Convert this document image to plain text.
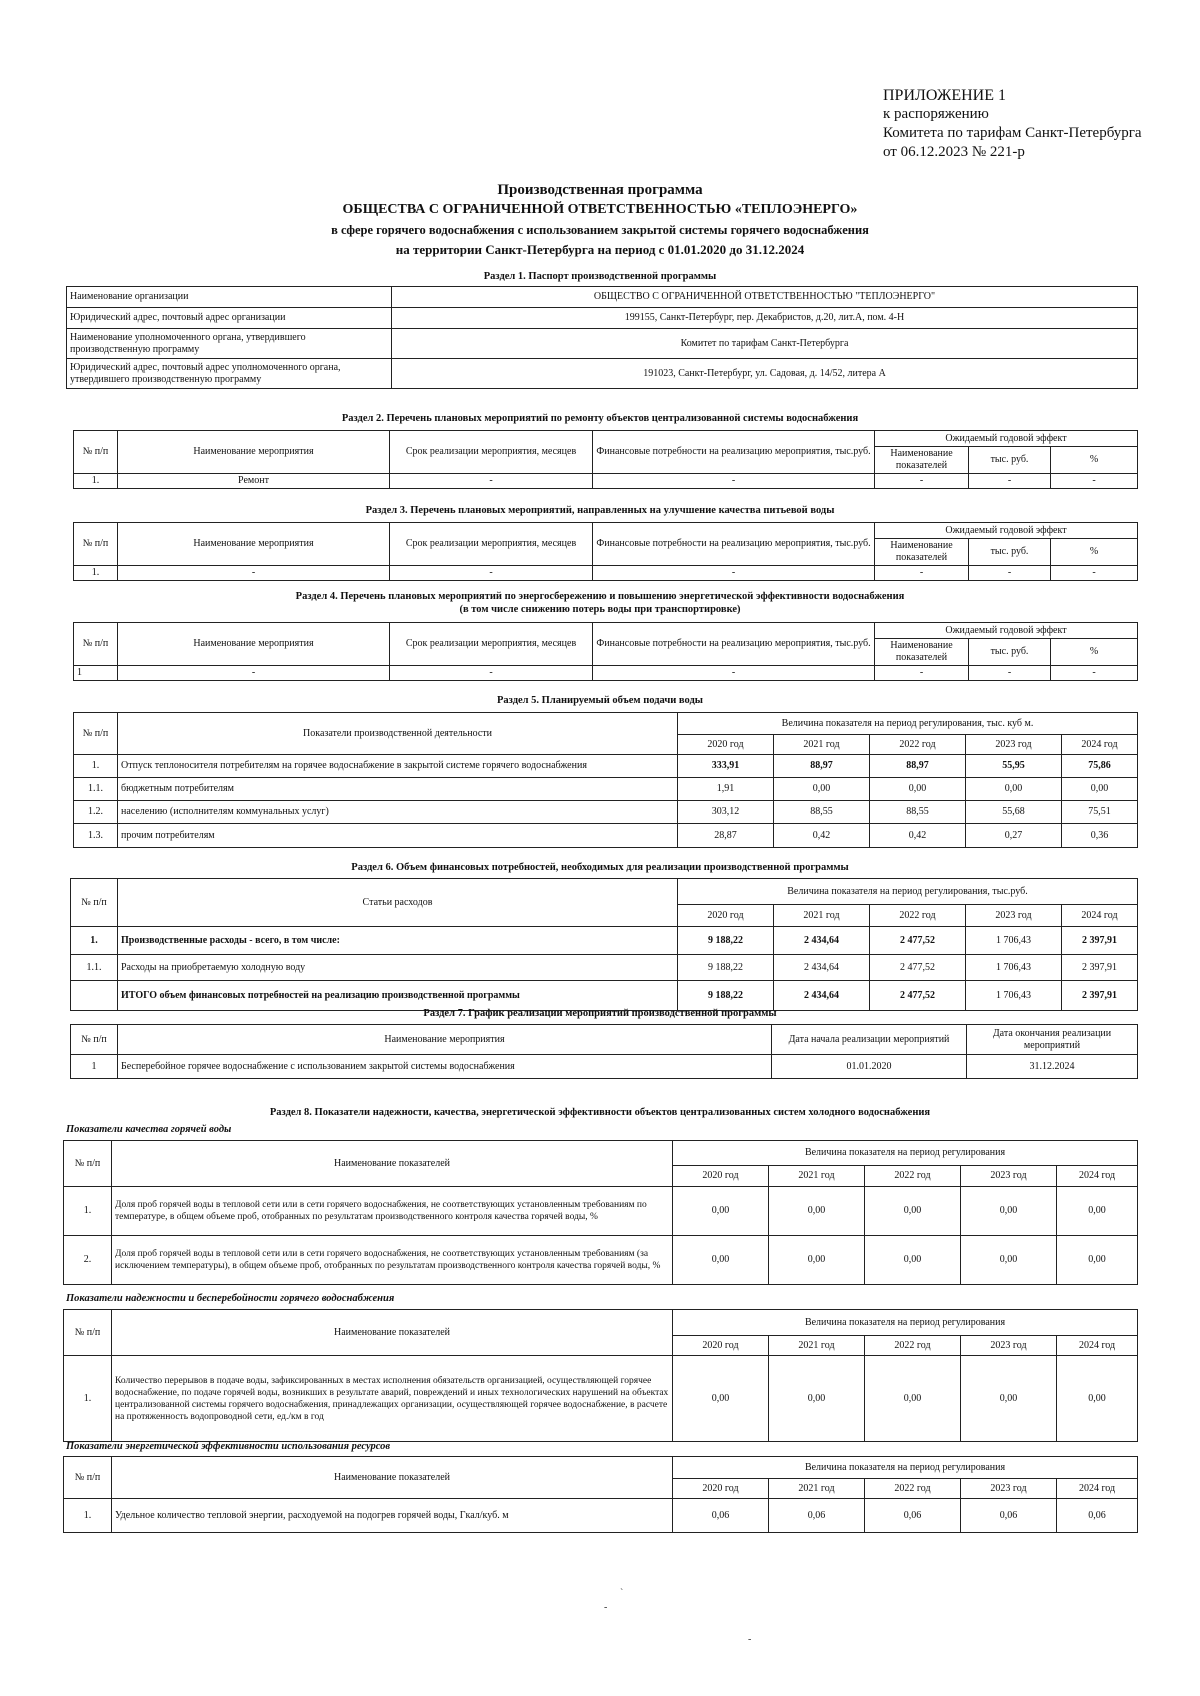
ПРИЛОЖЕНИЕ 1
к распоряжению
Комитета по тарифам Санкт-Петербурга
от 06.12.2023 № 221-р
Производственная программа
ОБЩЕСТВА С ОГРАНИЧЕННОЙ ОТВЕТСТВЕННОСТЬЮ «ТЕПЛОЭНЕРГО»
в сфере горячего водоснабжения с использованием закрытой системы горячего водоснабжения
на территории Санкт-Петербурга на период с 01.01.2020 до 31.12.2024
Раздел 1. Паспорт производственной программы
Наименование организации	ОБЩЕСТВО С ОГРАНИЧЕННОЙ ОТВЕТСТВЕННОСТЬЮ "ТЕПЛОЭНЕРГО"
Юридический адрес, почтовый адрес организации	199155, Санкт-Петербург, пер. Декабристов, д.20, лит.А, пом. 4-Н
Наименование уполномоченного органа, утвердившего производственную программу	Комитет по тарифам Санкт-Петербурга
Юридический адрес, почтовый адрес уполномоченного органа, утвердившего производственную программу	191023, Санкт-Петербург, ул. Садовая, д. 14/52, литера А
Раздел 2. Перечень плановых мероприятий по ремонту объектов централизованной системы водоснабжения
№ п/п	Наименование мероприятия	Срок реализации мероприятия, месяцев	Финансовые потребности на реализацию мероприятия, тыс.руб.	Ожидаемый годовой эффект		
				Наименование показателей	тыс. руб.	%
1.	Ремонт	-	-	-	-	-
Раздел 3. Перечень плановых мероприятий, направленных на улучшение качества питьевой воды
№ п/п	Наименование мероприятия	Срок реализации мероприятия, месяцев	Финансовые потребности на реализацию мероприятия, тыс.руб.	Ожидаемый годовой эффект		
				Наименование показателей	тыс. руб.	%
1.	-	-	-	-	-	-
Раздел 4. Перечень плановых мероприятий по энергосбережению и повышению энергетической эффективности водоснабжения
(в том числе снижению потерь воды при транспортировке)
№ п/п	Наименование мероприятия	Срок реализации мероприятия, месяцев	Финансовые потребности на реализацию мероприятия, тыс.руб.	Ожидаемый годовой эффект		
				Наименование показателей	тыс. руб.	%
1	-	-	-	-	-	-
Раздел 5. Планируемый объем подачи воды
№ п/п	Показатели производственной деятельности	Величина показателя на период регулирования, тыс. куб м.				
		2020 год	2021 год	2022 год	2023 год	2024 год
1.	Отпуск теплоносителя потребителям на горячее водоснабжение в закрытой системе горячего водоснабжения	333,91	88,97	88,97	55,95	75,86
1.1.	бюджетным потребителям	1,91	0,00	0,00	0,00	0,00
1.2.	населению (исполнителям коммунальных услуг)	303,12	88,55	88,55	55,68	75,51
1.3.	прочим потребителям	28,87	0,42	0,42	0,27	0,36
Раздел 6. Объем финансовых потребностей, необходимых для реализации производственной программы
№ п/п	Статьи расходов	Величина показателя на период регулирования, тыс.руб.				
		2020 год	2021 год	2022 год	2023 год	2024 год
1.	Производственные расходы - всего, в том числе:	9 188,22	2 434,64	2 477,52	1 706,43	2 397,91
1.1.	Расходы на приобретаемую холодную воду	9 188,22	2 434,64	2 477,52	1 706,43	2 397,91
	ИТОГО объем финансовых потребностей на реализацию производственной программы	9 188,22	2 434,64	2 477,52	1 706,43	2 397,91
Раздел 7. График реализации мероприятий производственной программы
№ п/п	Наименование мероприятия	Дата начала реализации мероприятий	Дата окончания реализации мероприятий
1	Бесперебойное горячее водоснабжение с использованием закрытой системы водоснабжения	01.01.2020	31.12.2024
Раздел 8. Показатели надежности, качества, энергетической эффективности объектов централизованных систем холодного водоснабжения
Показатели качества горячей воды
№ п/п	Наименование показателей	Величина показателя на период регулирования				
		2020 год	2021 год	2022 год	2023 год	2024 год
1.	Доля проб горячей воды в тепловой сети или в сети горячего водоснабжения, не соответствующих установленным требованиям по температуре, в общем объеме проб, отобранных по результатам производственного контроля качества горячей воды, %	0,00	0,00	0,00	0,00	0,00
2.	Доля проб горячей воды в тепловой сети или в сети горячего водоснабжения, не соответствующих установленным требованиям (за исключением температуры), в общем объеме проб, отобранных по результатам производственного контроля качества горячей воды, %	0,00	0,00	0,00	0,00	0,00
Показатели надежности и бесперебойности горячего водоснабжения
№ п/п	Наименование показателей	Величина показателя на период регулирования				
		2020 год	2021 год	2022 год	2023 год	2024 год
1.	Количество перерывов в подаче воды, зафиксированных в местах исполнения обязательств организацией, осуществляющей горячее водоснабжение, по подаче горячей воды, возникших в результате аварий, повреждений и иных технологических нарушений на объектах централизованной системы горячего водоснабжения, принадлежащих организации, осуществляющей горячее водоснабжение, в расчете на протяженность водопроводной сети, ед./км в год	0,00	0,00	0,00	0,00	0,00
Показатели энергетической эффективности использования ресурсов
№ п/п	Наименование показателей	Величина показателя на период регулирования				
		2020 год	2021 год	2022 год	2023 год	2024 год
1.	Удельное количество тепловой энергии, расходуемой на подогрев горячей воды, Гкал/куб. м	0,06	0,06	0,06	0,06	0,06
`
-
-
